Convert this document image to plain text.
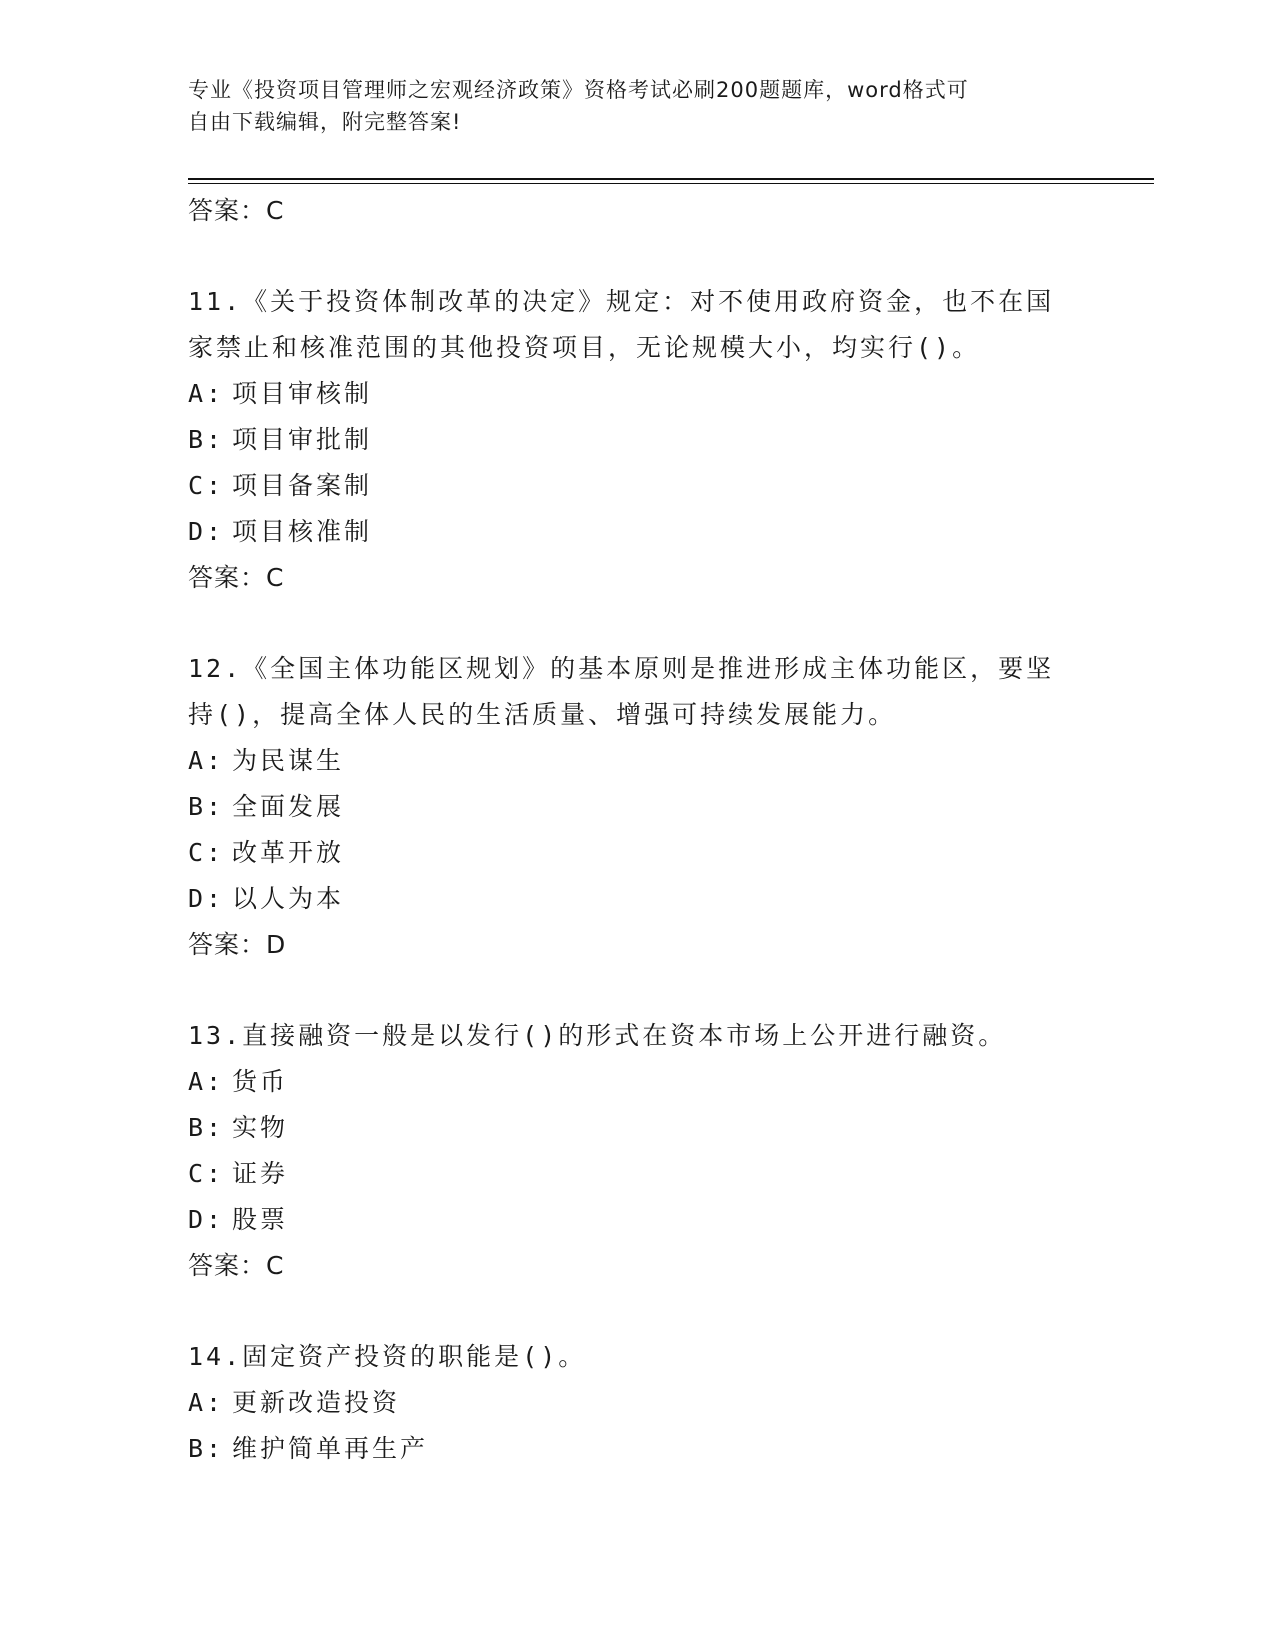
专业《投资项目管理师之宏观经济政策》资格考试必刷200题题库，word格式可
自由下载编辑，附完整答案!
答案：C
11.《关于投资体制改革的决定》规定：对不使用政府资金，也不在国
家禁止和核准范围的其他投资项目，无论规模大小，均实行()。
A: 项目审核制
B: 项目审批制
C: 项目备案制
D: 项目核准制
答案：C
12.《全国主体功能区规划》的基本原则是推进形成主体功能区，要坚
持()，提高全体人民的生活质量、增强可持续发展能力。
A: 为民谋生
B: 全面发展
C: 改革开放
D: 以人为本
答案：D
13.直接融资一般是以发行()的形式在资本市场上公开进行融资。
A: 货币
B: 实物
C: 证券
D: 股票
答案：C
14.固定资产投资的职能是()。
A: 更新改造投资
B: 维护简单再生产
